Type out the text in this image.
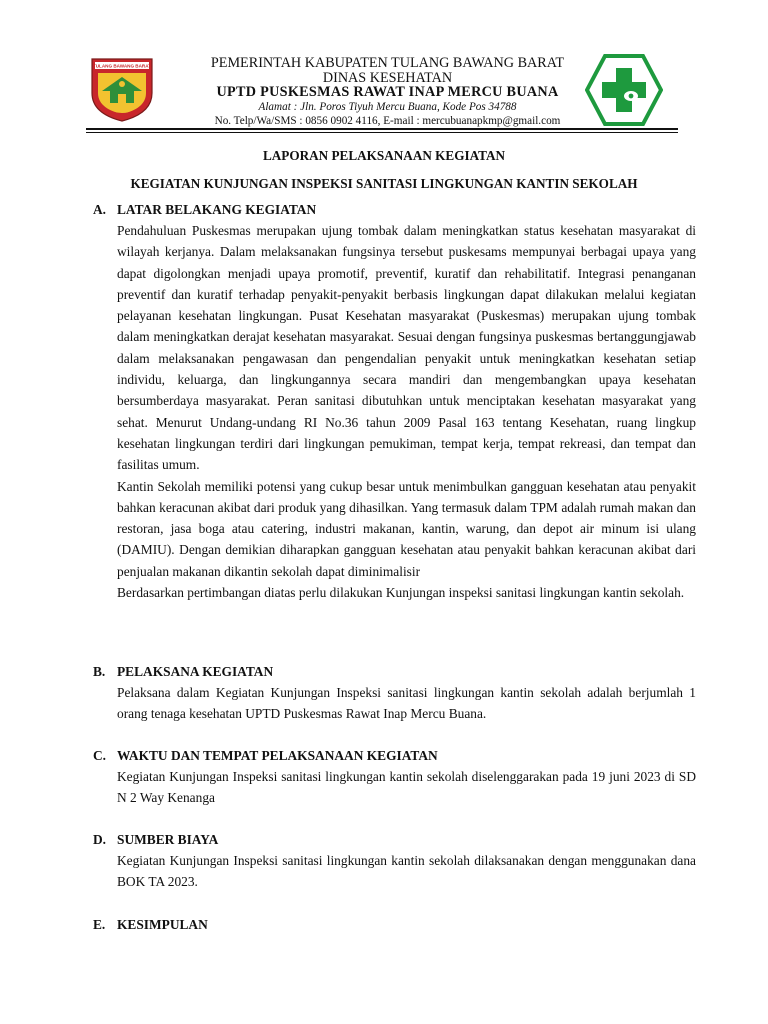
TULANG BAWANG BARAT	PEMERINTAH KABUPATEN TULANG BAWANG BARAT
DINAS KESEHATAN
UPTD PUSKESMAS RAWAT INAP MERCU BUANA
Alamat : Jln. Poros Tiyuh Mercu Buana, Kode Pos 34788
No. Telp/Wa/SMS : 0856 0902 4116, E-mail : mercubuanapkmp@gmail.com
LAPORAN PELAKSANAAN KEGIATAN
KEGIATAN KUNJUNGAN INSPEKSI SANITASI LINGKUNGAN KANTIN SEKOLAH
A. LATAR BELAKANG KEGIATAN
Pendahuluan Puskesmas merupakan ujung tombak dalam meningkatkan status kesehatan masyarakat di wilayah kerjanya. Dalam melaksanakan fungsinya tersebut puskesams mempunyai berbagai upaya yang dapat digolongkan menjadi upaya promotif, preventif, kuratif dan rehabilitatif. Integrasi penanganan preventif dan kuratif terhadap penyakit-penyakit berbasis lingkungan dapat dilakukan melalui kegiatan pelayanan kesehatan lingkungan. Pusat Kesehatan masyarakat (Puskesmas) merupakan ujung tombak dalam meningkatkan derajat kesehatan masyarakat. Sesuai dengan fungsinya puskesmas bertanggungjawab dalam melaksanakan pengawasan dan pengendalian penyakit untuk meningkatkan kesehatan setiap individu, keluarga, dan lingkungannya secara mandiri dan mengembangkan upaya kesehatan bersumberdaya masyarakat. Peran sanitasi dibutuhkan untuk menciptakan kesehatan masyarakat yang sehat. Menurut Undang-undang RI No.36 tahun 2009 Pasal 163 tentang Kesehatan, ruang lingkup kesehatan lingkungan terdiri dari lingkungan pemukiman, tempat kerja, tempat rekreasi, dan tempat dan fasilitas umum.
Kantin Sekolah memiliki potensi yang cukup besar untuk menimbulkan gangguan kesehatan atau penyakit bahkan keracunan akibat dari produk yang dihasilkan. Yang termasuk dalam TPM adalah rumah makan dan restoran, jasa boga atau catering, industri makanan, kantin, warung, dan depot air minum isi ulang (DAMIU). Dengan demikian diharapkan gangguan kesehatan atau penyakit bahkan keracunan akibat dari penjualan makanan dikantin sekolah dapat diminimalisir
Berdasarkan pertimbangan diatas perlu dilakukan Kunjungan inspeksi sanitasi lingkungan kantin sekolah.
B. PELAKSANA KEGIATAN
Pelaksana dalam Kegiatan Kunjungan Inspeksi sanitasi lingkungan kantin sekolah adalah berjumlah 1 orang tenaga kesehatan UPTD Puskesmas Rawat Inap Mercu Buana.
C. WAKTU DAN TEMPAT PELAKSANAAN KEGIATAN
Kegiatan Kunjungan Inspeksi sanitasi lingkungan kantin sekolah diselenggarakan pada 19 juni 2023 di SD N 2 Way Kenanga
D. SUMBER BIAYA
Kegiatan Kunjungan Inspeksi sanitasi lingkungan kantin sekolah dilaksanakan dengan menggunakan dana BOK TA 2023.
E. KESIMPULAN
